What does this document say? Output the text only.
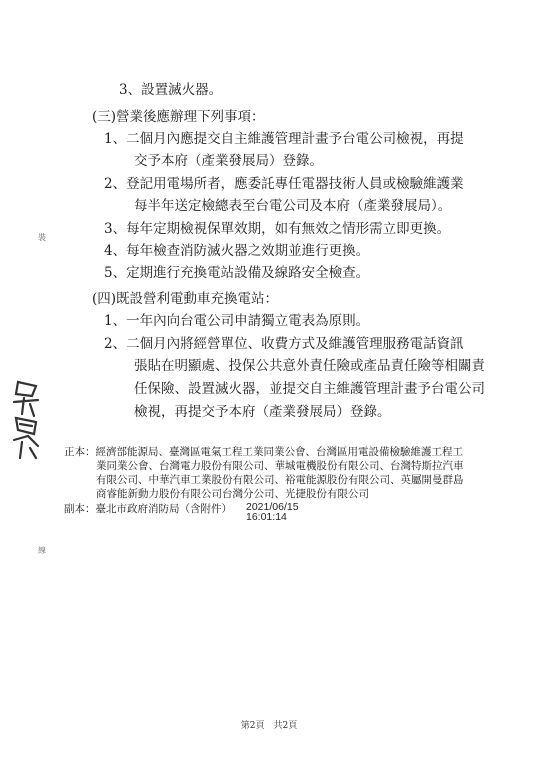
3、設置滅火器。
(三)營業後應辦理下列事項：
1、二個月內應提交自主維護管理計畫予台電公司檢視，再提
交予本府（產業發展局）登錄。
2、登記用電場所者，應委託專任電器技術人員或檢驗維護業
每半年送定檢總表至台電公司及本府（產業發展局）。
3、每年定期檢視保單效期，如有無效之情形需立即更換。
4、每年檢查消防滅火器之效期並進行更換。
5、定期進行充換電站設備及線路安全檢查。
(四)既設營利電動車充換電站：
1、一年內向台電公司申請獨立電表為原則。
2、二個月內將經營單位、收費方式及維護管理服務電話資訊
張貼在明顯處、投保公共意外責任險或產品責任險等相關責
任保險、設置滅火器，並提交自主維護管理計畫予台電公司
檢視，再提交予本府（產業發展局）登錄。
正本：經濟部能源局、臺灣區電氣工程工業同業公會、台灣區用電設備檢驗維護工程工
業同業公會、台灣電力股份有限公司、華城電機股份有限公司、台灣特斯拉汽車
有限公司、中華汽車工業股份有限公司、裕電能源股份有限公司、英屬開曼群島
商睿能新動力股份有限公司台灣分公司、光捷股份有限公司
副本：臺北市政府消防局（含附件） 2021/06/15
16:01:14
裝
線
第2頁　共2頁
